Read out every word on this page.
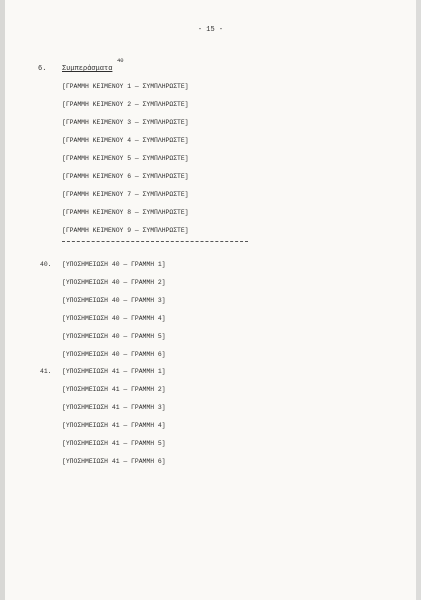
- 15 -
6. Συμπεράσματα
40
[ΓΡΑΜΜΗ ΚΕΙΜΕΝΟΥ 1 — ΣΥΜΠΛΗΡΩΣΤΕ]
[ΓΡΑΜΜΗ ΚΕΙΜΕΝΟΥ 2 — ΣΥΜΠΛΗΡΩΣΤΕ]
[ΓΡΑΜΜΗ ΚΕΙΜΕΝΟΥ 3 — ΣΥΜΠΛΗΡΩΣΤΕ]
[ΓΡΑΜΜΗ ΚΕΙΜΕΝΟΥ 4 — ΣΥΜΠΛΗΡΩΣΤΕ]
[ΓΡΑΜΜΗ ΚΕΙΜΕΝΟΥ 5 — ΣΥΜΠΛΗΡΩΣΤΕ]
[ΓΡΑΜΜΗ ΚΕΙΜΕΝΟΥ 6 — ΣΥΜΠΛΗΡΩΣΤΕ]
[ΓΡΑΜΜΗ ΚΕΙΜΕΝΟΥ 7 — ΣΥΜΠΛΗΡΩΣΤΕ]
[ΓΡΑΜΜΗ ΚΕΙΜΕΝΟΥ 8 — ΣΥΜΠΛΗΡΩΣΤΕ]
[ΓΡΑΜΜΗ ΚΕΙΜΕΝΟΥ 9 — ΣΥΜΠΛΗΡΩΣΤΕ]
40.	[ΥΠΟΣΗΜΕΙΩΣΗ 40 — ΓΡΑΜΜΗ 1]
[ΥΠΟΣΗΜΕΙΩΣΗ 40 — ΓΡΑΜΜΗ 2]
[ΥΠΟΣΗΜΕΙΩΣΗ 40 — ΓΡΑΜΜΗ 3]
[ΥΠΟΣΗΜΕΙΩΣΗ 40 — ΓΡΑΜΜΗ 4]
[ΥΠΟΣΗΜΕΙΩΣΗ 40 — ΓΡΑΜΜΗ 5]
[ΥΠΟΣΗΜΕΙΩΣΗ 40 — ΓΡΑΜΜΗ 6]
41.	[ΥΠΟΣΗΜΕΙΩΣΗ 41 — ΓΡΑΜΜΗ 1]
[ΥΠΟΣΗΜΕΙΩΣΗ 41 — ΓΡΑΜΜΗ 2]
[ΥΠΟΣΗΜΕΙΩΣΗ 41 — ΓΡΑΜΜΗ 3]
[ΥΠΟΣΗΜΕΙΩΣΗ 41 — ΓΡΑΜΜΗ 4]
[ΥΠΟΣΗΜΕΙΩΣΗ 41 — ΓΡΑΜΜΗ 5]
[ΥΠΟΣΗΜΕΙΩΣΗ 41 — ΓΡΑΜΜΗ 6]
